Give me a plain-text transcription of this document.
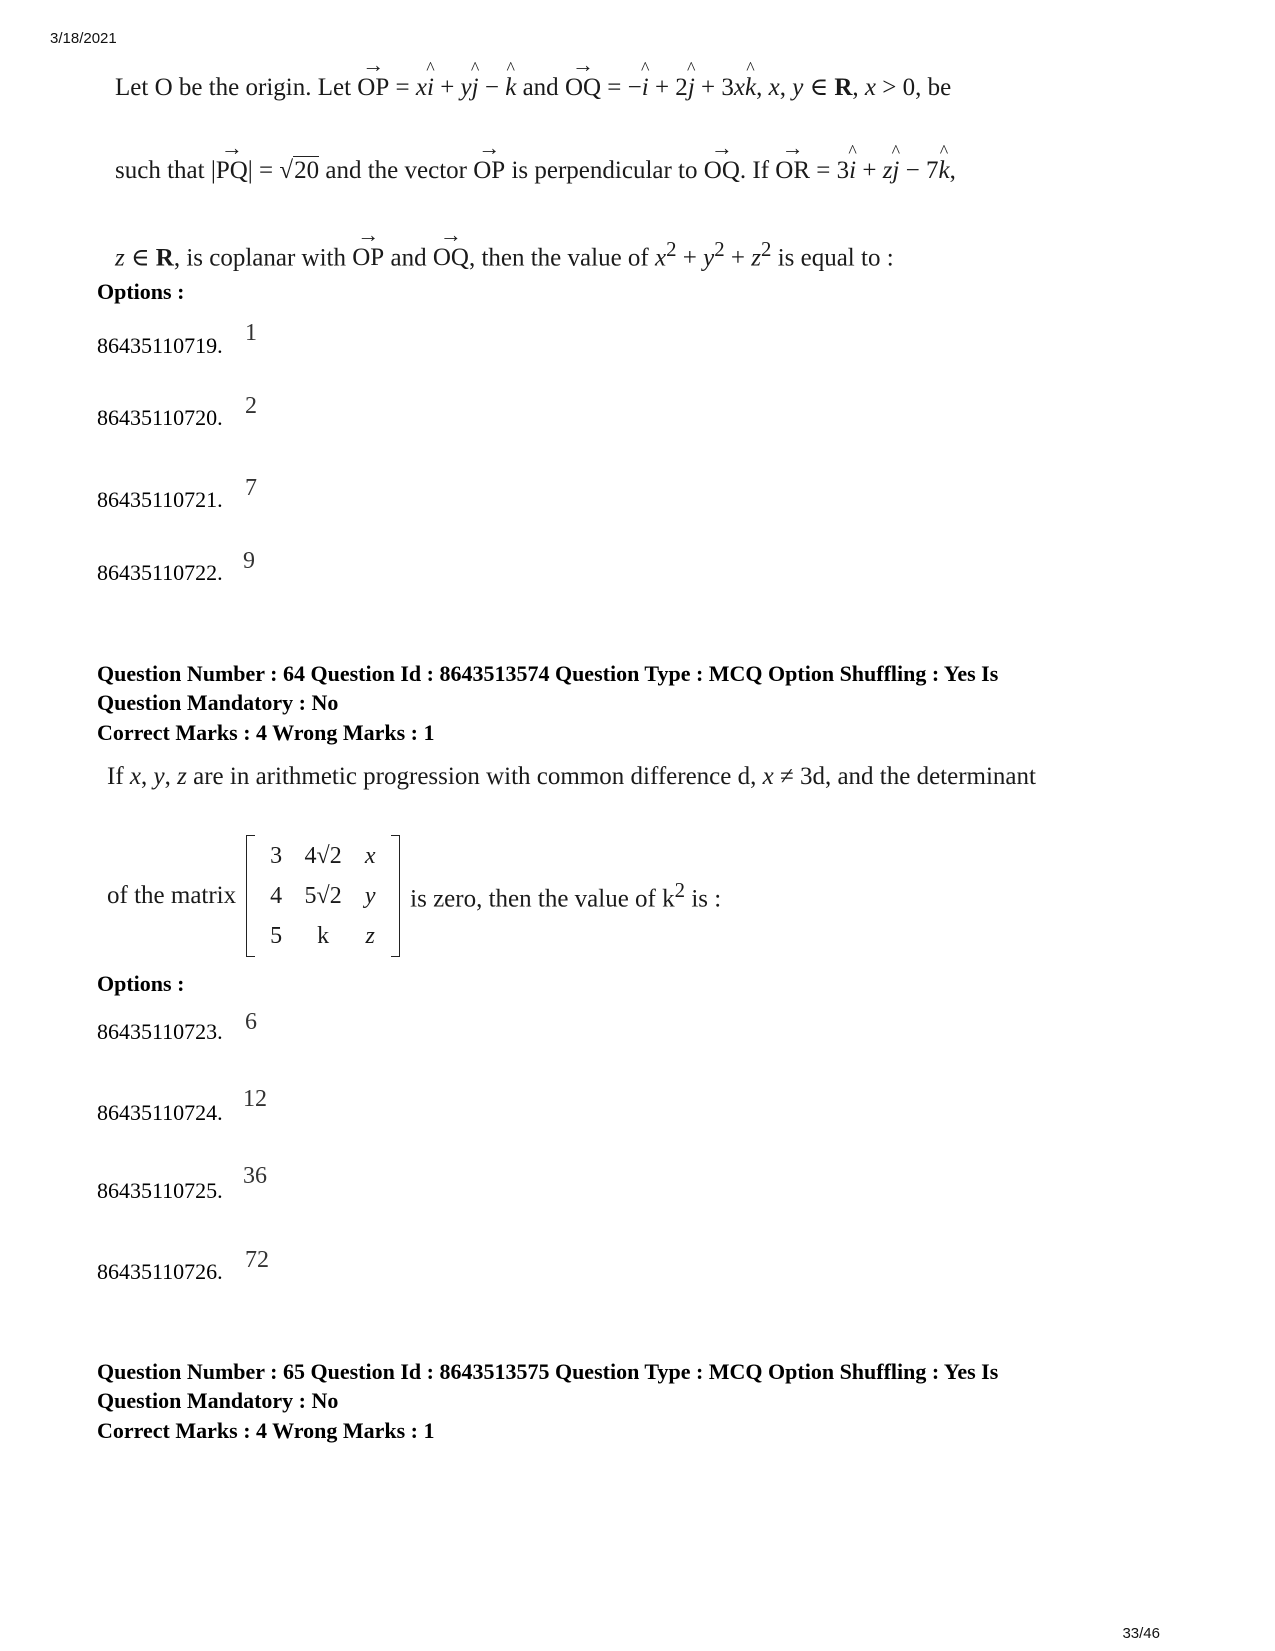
3/18/2021
Let O be the origin. Let → OP = x^ i + y^ j − ^ k and → OQ = −^ i + 2^ j + 3x^ k, x, y ∈ R, x > 0, be
such that |→ PQ| = √20 and the vector → OP is perpendicular to → OQ. If → OR = 3^ i + z^ j − 7^ k,
z ∈ R, is coplanar with → OP and → OQ, then the value of $x^2 + y^2 + z^2$ is equal to :
Options :
86435110719. 1
86435110720. 2
86435110721. 7
86435110722. 9
Question Number : 64 Question Id : 8643513574 Question Type : MCQ Option Shuffling : Yes Is
Question Mandatory : No
Correct Marks : 4 Wrong Marks : 1
If x, y, z are in arithmetic progression with common difference d, x ≠ 3d, and the determinant
of the matrix
3 4√2 x
4 5√2 y
5	k	z
is zero, then the value of $k^2$ is :
Options :
86435110723. 6
86435110724.
12
86435110725.
36
86435110726. 72
Question Number : 65 Question Id : 8643513575 Question Type : MCQ Option Shuffling : Yes Is
Question Mandatory : No
Correct Marks : 4 Wrong Marks : 1
33/46
